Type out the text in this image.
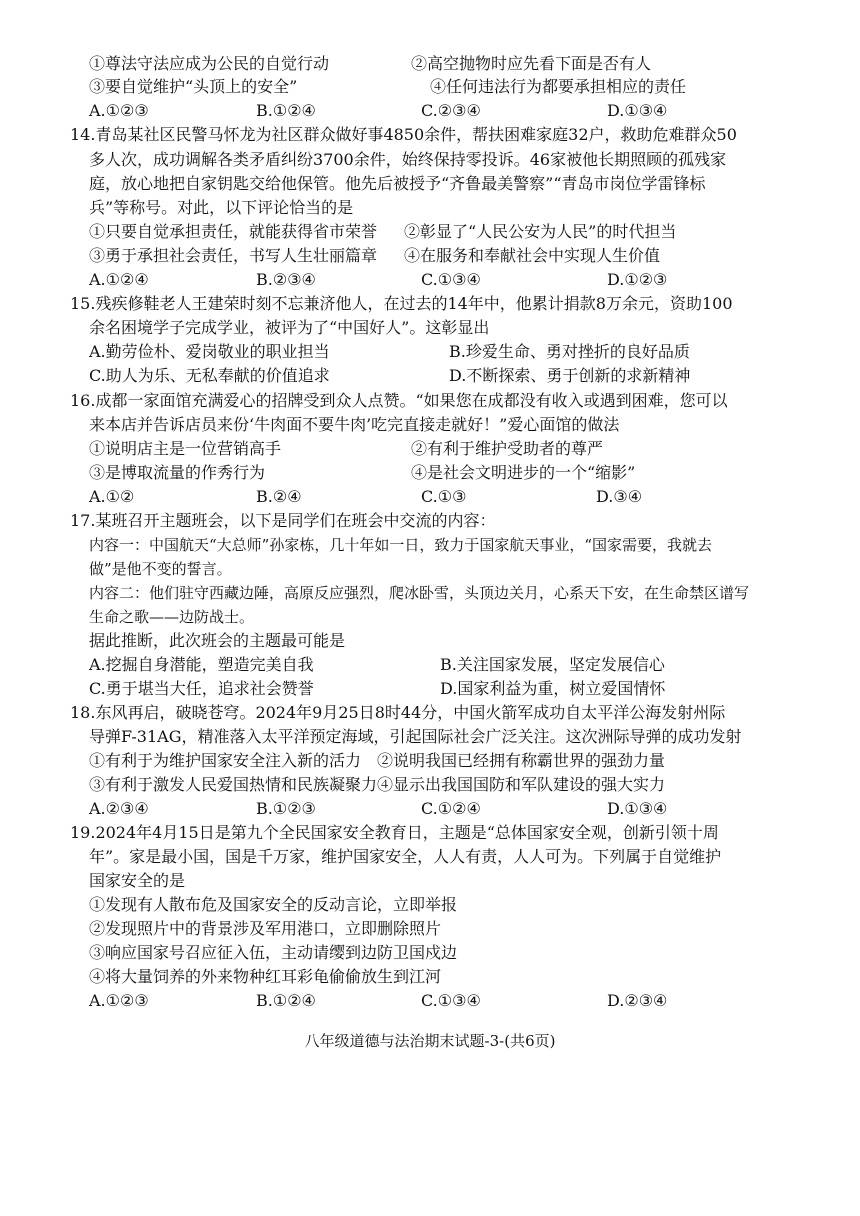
①尊法守法应成为公民的自觉行动	②高空抛物时应先看下面是否有人
③要自觉维护“头顶上的安全”	④任何违法行为都要承担相应的责任
A.①②③	B.①②④	C.②③④	D.①③④
14.青岛某社区民警马怀龙为社区群众做好事4850余件，帮扶困难家庭32户，救助危难群众50
多人次，成功调解各类矛盾纠纷3700余件，始终保持零投诉。46家被他长期照顾的孤残家
庭，放心地把自家钥匙交给他保管。他先后被授予“齐鲁最美警察”“青岛市岗位学雷锋标
兵”等称号。对此，以下评论恰当的是
①只要自觉承担责任，就能获得省市荣誉 ②彰显了“人民公安为人民”的时代担当
③勇于承担社会责任，书写人生壮丽篇章 ④在服务和奉献社会中实现人生价值
A.①②④	B.②③④	C.①③④	D.①②③
15.残疾修鞋老人王建荣时刻不忘兼济他人，在过去的14年中，他累计捐款8万余元，资助100
余名困境学子完成学业，被评为了“中国好人”。这彰显出
A.勤劳俭朴、爱岗敬业的职业担当	B.珍爱生命、勇对挫折的良好品质
C.助人为乐、无私奉献的价值追求	D.不断探索、勇于创新的求新精神
16.成都一家面馆充满爱心的招牌受到众人点赞。“如果您在成都没有收入或遇到困难，您可以
来本店并告诉店员来份‘牛肉面不要牛肉’吃完直接走就好！”爱心面馆的做法
①说明店主是一位营销高手	②有利于维护受助者的尊严
③是博取流量的作秀行为	④是社会文明进步的一个“缩影”
A.①②	B.②④	C.①③	D.③④
17.某班召开主题班会，以下是同学们在班会中交流的内容：
内容一：中国航天“大总师”孙家栋，几十年如一日，致力于国家航天事业，“国家需要，我就去
做”是他不变的誓言。
内容二：他们驻守西藏边陲，高原反应强烈，爬冰卧雪，头顶边关月，心系天下安，在生命禁区谱写
生命之歌——边防战士。
据此推断，此次班会的主题最可能是
A.挖掘自身潜能，塑造完美自我	B.关注国家发展，坚定发展信心
C.勇于堪当大任，追求社会赞誉	D.国家利益为重，树立爱国情怀
18.东风再启，破晓苍穹。2024年9月25日8时44分，中国火箭军成功自太平洋公海发射州际
导弹F-31AG，精准落入太平洋预定海域，引起国际社会广泛关注。这次洲际导弹的成功发射
①有利于为维护国家安全注入新的活力　②说明我国已经拥有称霸世界的强劲力量
③有利于激发人民爱国热情和民族凝聚力④显示出我国国防和军队建设的强大实力
A.②③④	B.①②③	C.①②④	D.①③④
19.2024年4月15日是第九个全民国家安全教育日，主题是“总体国家安全观，创新引领十周
年”。家是最小国，国是千万家，维护国家安全，人人有责，人人可为。下列属于自觉维护
国家安全的是
①发现有人散布危及国家安全的反动言论，立即举报
②发现照片中的背景涉及军用港口，立即删除照片
③响应国家号召应征入伍，主动请缨到边防卫国戍边
④将大量饲养的外来物种红耳彩龟偷偷放生到江河
A.①②③	B.①②④	C.①③④	D.②③④
八年级道德与法治期末试题-3-(共6页)
